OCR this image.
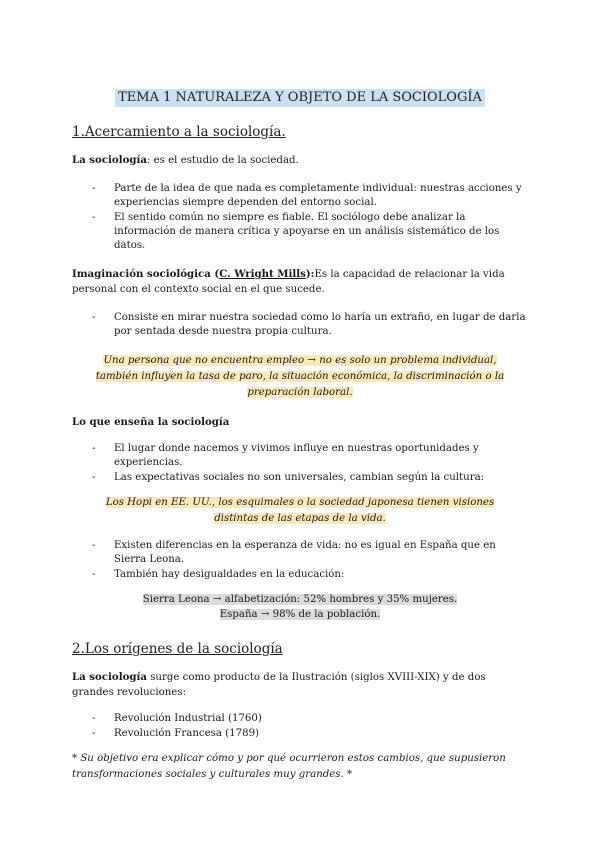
TEMA 1 NATURALEZA Y OBJETO DE LA SOCIOLOGÍA
1.Acercamiento a la sociología.

La sociología: es el estudio de la sociedad.

- Parte de la idea de que nada es completamente individual: nuestras acciones y experiencias siempre dependen del entorno social.
- El sentido común no siempre es fiable. El sociólogo debe analizar la información de manera crítica y apoyarse en un análisis sistemático de los datos.

Imaginación sociológica (C. Wright Mills):Es la capacidad de relacionar la vida personal con el contexto social en el que sucede.

- Consiste en mirar nuestra sociedad como lo haría un extraño, en lugar de darla por sentada desde nuestra propia cultura.

Una persona que no encuentra empleo → no es solo un problema individual, también influyen la tasa de paro, la situación económica, la discriminación o la preparación laboral.

Lo que enseña la sociología

- El lugar donde nacemos y vivimos influye en nuestras oportunidades y experiencias.
- Las expectativas sociales no son universales, cambian según la cultura:

Los Hopi en EE. UU., los esquimales o la sociedad japonesa tienen visiones distintas de las etapas de la vida.

- Existen diferencias en la esperanza de vida: no es igual en España que en Sierra Leona.
- También hay desigualdades en la educación:
Sierra Leona → alfabetización: 52% hombres y 35% mujeres.
España → 98% de la población.
2.Los orígenes de la sociología

La sociología surge como producto de la Ilustración (siglos XVIII-XIX) y de dos grandes revoluciones:

- Revolución Industrial (1760)
- Revolución Francesa (1789)

* Su objetivo era explicar cómo y por qué ocurrieron estos cambios, que supusieron transformaciones sociales y culturales muy grandes. *
